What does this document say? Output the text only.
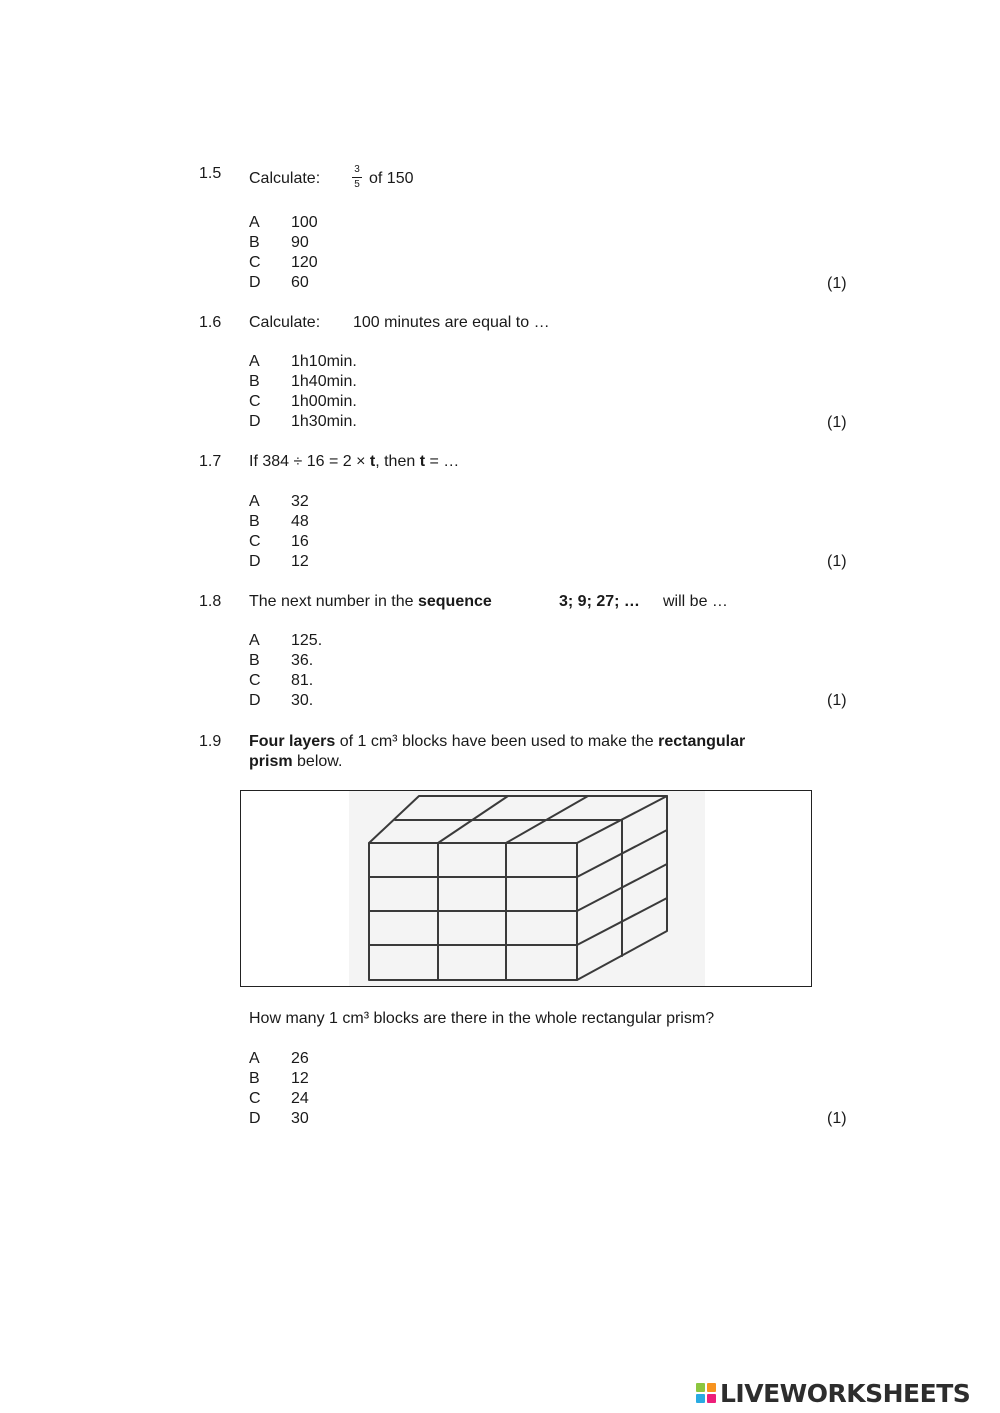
1.5 Calculate:
3
5 of 150
A 100
B 90
C 120
D 60	(1)
1.6 Calculate: 100 minutes are equal to …
A 1h10min.
B 1h40min.
C 1h00min.
D 1h30min.	(1)
1.7 If 384 ÷ 16 = 2 × t, then t = …
A 32
B 48
C 16
D 12	(1)
1.8 The next number in the sequence	3; 9; 27; … will be …
A 125.
B 36.
C 81.
D 30.	(1)
1.9 Four layers of 1 cm³ blocks have been used to make the rectangular
prism below.
How many 1 cm³ blocks are there in the whole rectangular prism?
A 26
B 12
C 24
D 30	(1)
LIVEWORKSHEETS
